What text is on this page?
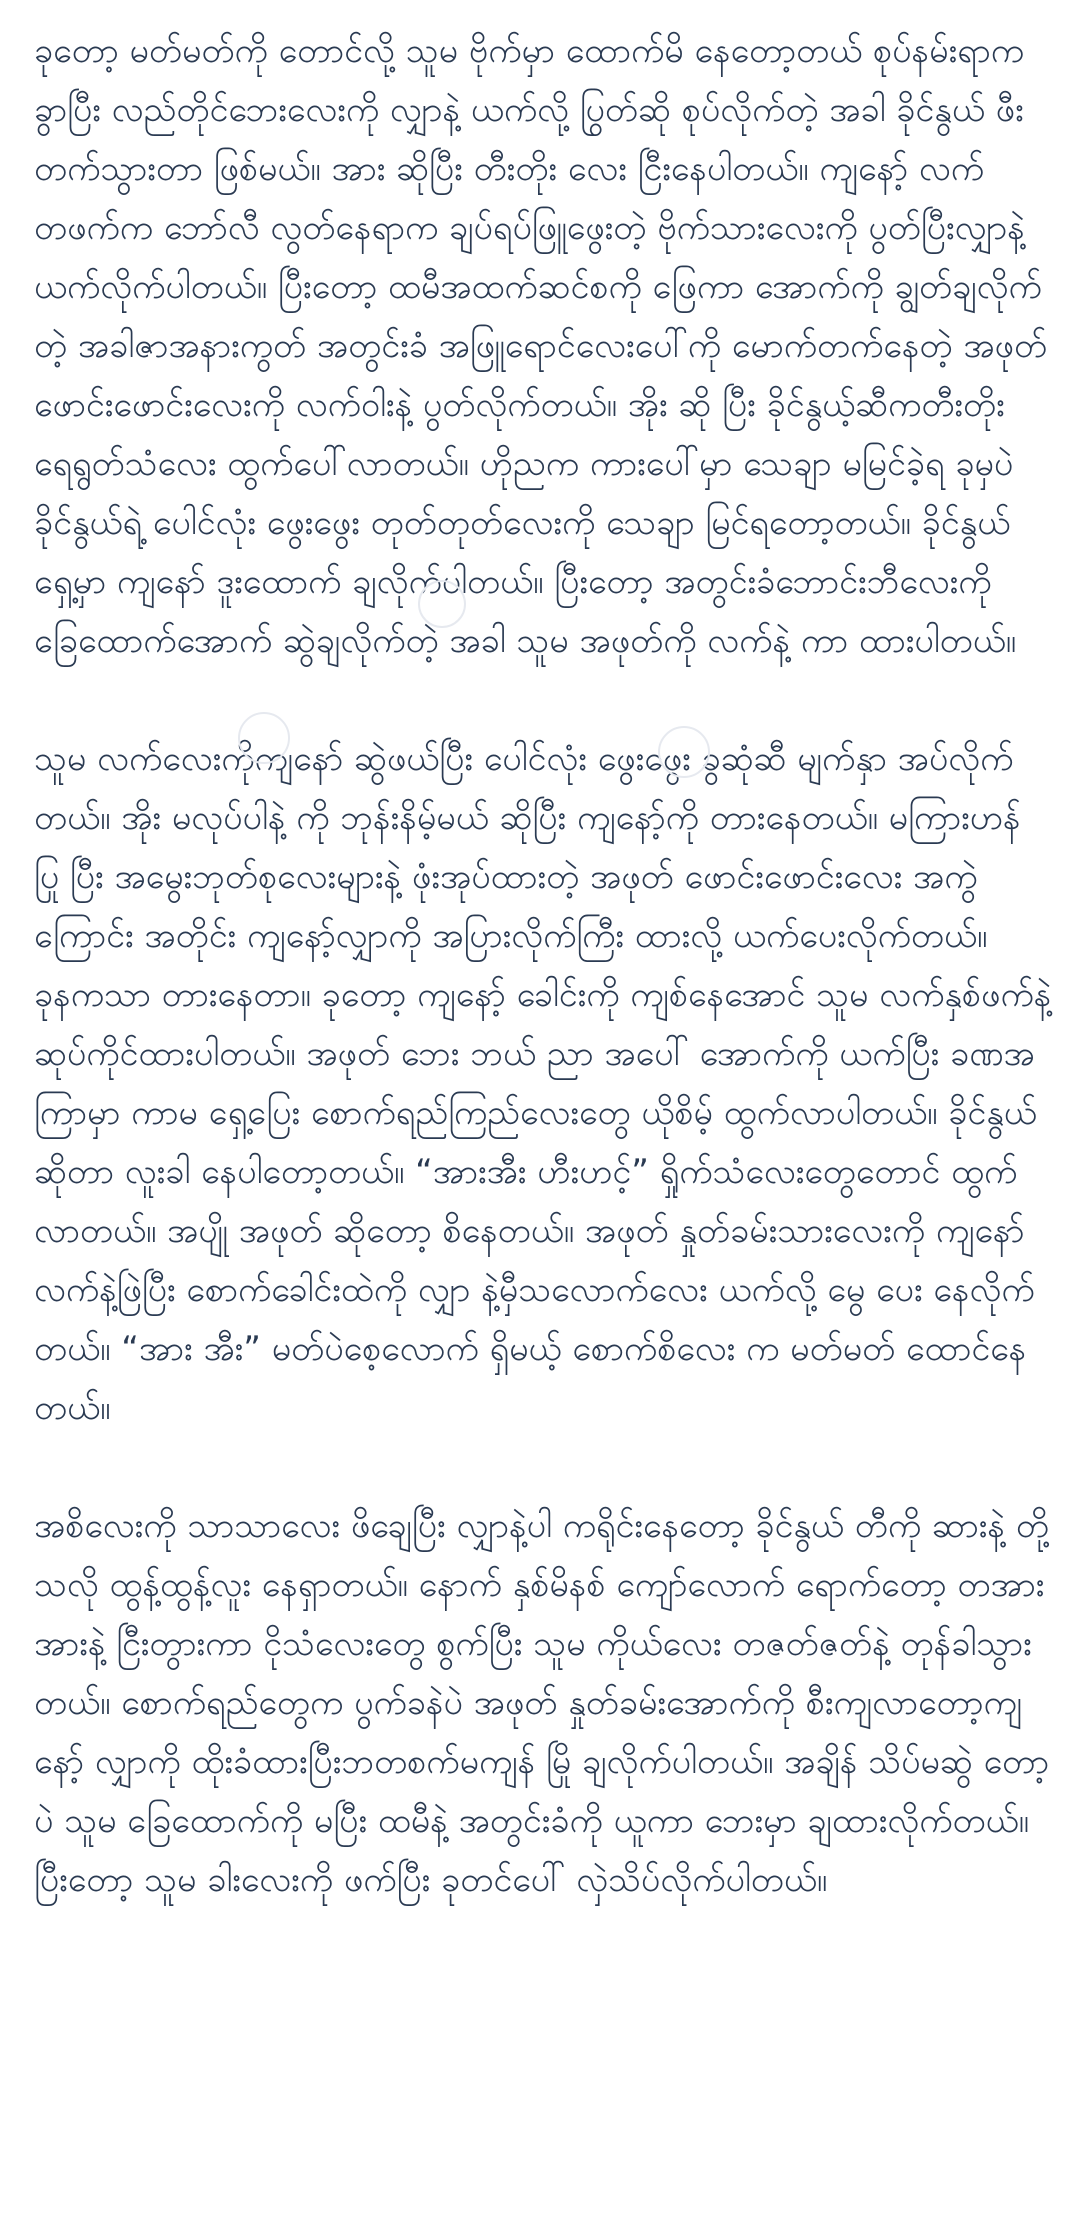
ခုတော့ မတ်မတ်ကို တောင်လို့ သူမ ဗိုက်မှာ ထောက်မိ နေတော့တယ် စုပ်နမ်းရာက ခွာပြီး လည်တိုင်ဘေးလေးကို လျှာနဲ့ ယက်လို့ ပြွတ်ဆို စုပ်လိုက်တဲ့ အခါ ခိုင်နွယ် ဖီးတက်သွားတာ ဖြစ်မယ်။ အား ဆိုပြီး တီးတိုး လေး ငြီးနေပါတယ်။ ကျနော့် လက်တဖက်က ဘော်လီ လွတ်နေရာက ချပ်ရပ်ဖြူဖွေးတဲ့ ဗိုက်သားလေးကို ပွတ်ပြီးလျှာနဲ့ ယက်လိုက်ပါတယ်။ ပြီးတော့ ထမီအထက်ဆင်စကို ဖြေကာ အောက်ကို ချွတ်ချလိုက်တဲ့ အခါဇာအနားကွတ် အတွင်းခံ အဖြူရောင်လေးပေါ်ကို မောက်တက်နေတဲ့ အဖုတ် ဖောင်းဖောင်းလေးကို လက်ဝါးနဲ့ ပွတ်လိုက်တယ်။ အိုး ဆို ပြီး ခိုင်နွယ့်ဆီကတီးတိုး ရေရွတ်သံလေး ထွက်ပေါ်လာတယ်။ ဟိုညက ကားပေါ်မှာ သေချာ မမြင်ခဲ့ရ ခုမှပဲ ခိုင်နွယ်ရဲ့ ပေါင်လုံး ဖွေးဖွေး တုတ်တုတ်လေးကို သေချာ မြင်ရတော့တယ်။ ခိုင်နွယ် ရှေ့မှာ ကျနော် ဒူးထောက် ချလိုက်ပါတယ်။ ပြီးတော့ အတွင်းခံဘောင်းဘီလေးကို ခြေထောက်အောက် ဆွဲချလိုက်တဲ့ အခါ သူမ အဖုတ်ကို လက်နဲ့ ကာ ထားပါတယ်။

သူမ လက်လေးကိုကျနော် ဆွဲဖယ်ပြီး ပေါင်လုံး ဖွေးဖွေး ခွဆုံဆီ မျက်နှာ အပ်လိုက်တယ်။ အိုး မလုပ်ပါနဲ့ ကို ဘုန်းနိမ့်မယ် ဆိုပြီး ကျနော့်ကို တားနေတယ်။ မကြားဟန် ပြု ပြီး အမွေးဘုတ်စုလေးများနဲ့ ဖုံးအုပ်ထားတဲ့ အဖုတ် ဖောင်းဖောင်းလေး အကွဲကြောင်း အတိုင်း ကျနော့်လျှာကို အပြားလိုက်ကြီး ထားလို့ ယက်ပေးလိုက်တယ်။ ခုနကသာ တားနေတာ။ ခုတော့ ကျနော့် ခေါင်းကို ကျစ်နေအောင် သူမ လက်နှစ်ဖက်နဲ့ ဆုပ်ကိုင်ထားပါတယ်။ အဖုတ် ဘေး ဘယ် ညာ အပေါ် အောက်ကို ယက်ပြီး ခဏအကြာမှာ ကာမ ရှေ့ပြေး စောက်ရည်ကြည်လေးတွေ ယိုစိမ့် ထွက်လာပါတယ်။ ခိုင်နွယ် ဆိုတာ လူးခါ နေပါတော့တယ်။ “အားအီး ဟီးဟင့်” ရှိုက်သံလေးတွေတောင် ထွက်လာတယ်။ အပျို အဖုတ် ဆိုတော့ စိနေတယ်။ အဖုတ် နှုတ်ခမ်းသားလေးကို ကျနော် လက်နဲ့ဖြဲပြီး စောက်ခေါင်းထဲကို လျှာ နဲ့မှီသလောက်လေး ယက်လို့ မွေ ပေး နေလိုက်တယ်။ “အား အီး” မတ်ပဲစေ့လောက် ရှိမယ့် စောက်စိလေး က မတ်မတ် ထောင်နေတယ်။

အစိလေးကို သာသာလေး ဖိချေပြီး လျှာနဲ့ပါ ကရိုင်းနေတော့ ခိုင်နွယ် တီကို ဆားနဲ့ တို့သလို ထွန့်ထွန့်လူး နေရှာတယ်။ နောက် နှစ်မိနစ် ကျော်လောက် ရောက်တော့ တအားအားနဲ့ ငြီးတွားကာ ငိုသံလေးတွေ စွက်ပြီး သူမ ကိုယ်လေး တဇတ်ဇတ်နဲ့ တုန်ခါသွားတယ်။ စောက်ရည်တွေက ပွက်ခနဲပဲ အဖုတ် နှုတ်ခမ်းအောက်ကို စီးကျလာတော့ကျနော့် လျှာကို ထိုးခံထားပြီးဘတစက်မကျန် မြို ချလိုက်ပါတယ်။ အချိန် သိပ်မဆွဲ တော့ပဲ သူမ ခြေထောက်ကို မပြီး ထမီနဲ့ အတွင်းခံကို ယူကာ ဘေးမှာ ချထားလိုက်တယ်။ ပြီးတော့ သူမ ခါးလေးကို ဖက်ပြီး ခုတင်ပေါ် လှဲသိပ်လိုက်ပါတယ်။
